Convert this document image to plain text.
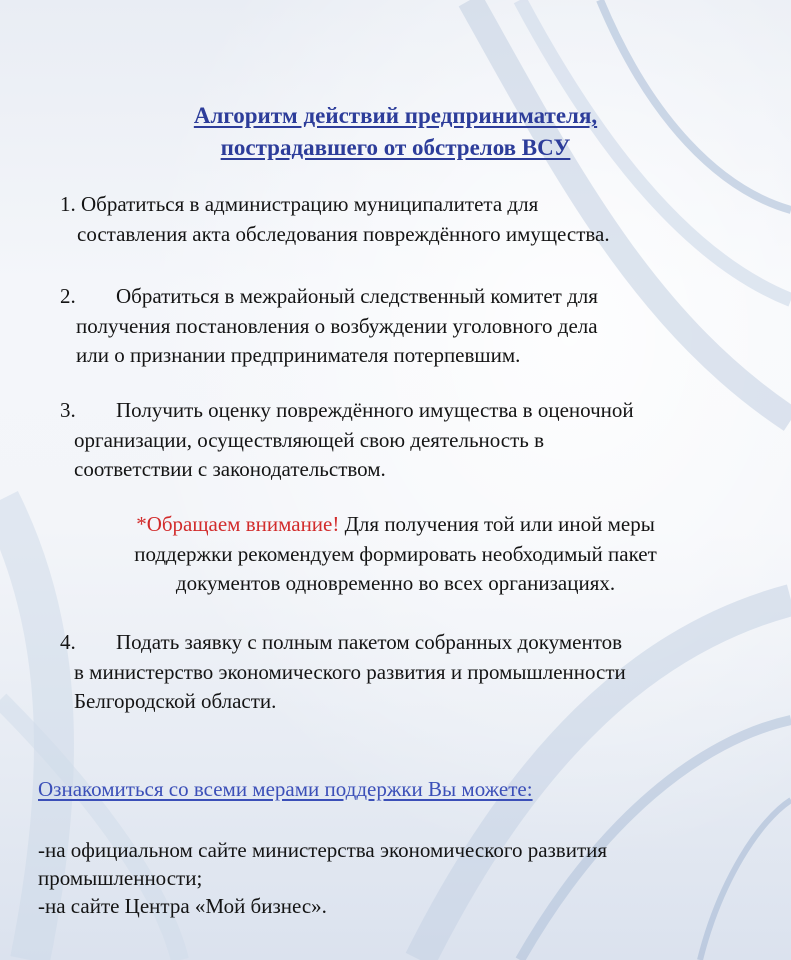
Алгоритм действий предпринимателя,
пострадавшего от обстрелов ВСУ
1. Обратиться в администрацию муниципалитета для
составления акта обследования повреждённого имущества.
2. Обратиться в межрайоный следственный комитет для
получения постановления о возбуждении уголовного дела
или о признании предпринимателя потерпевшим.
3. Получить оценку повреждённого имущества в оценочной
организации, осуществляющей свою деятельность в
соответствии с законодательством.
*Обращаем внимание! Для получения той или иной меры
поддержки рекомендуем формировать необходимый пакет
документов одновременно во всех организациях.
4. Подать заявку с полным пакетом собранных документов
в министерство экономического развития и промышленности
Белгородской области.
Ознакомиться со всеми мерами поддержки Вы можете:
-на официальном сайте министерства экономического развития
промышленности;
-на сайте Центра «Мой бизнес».
